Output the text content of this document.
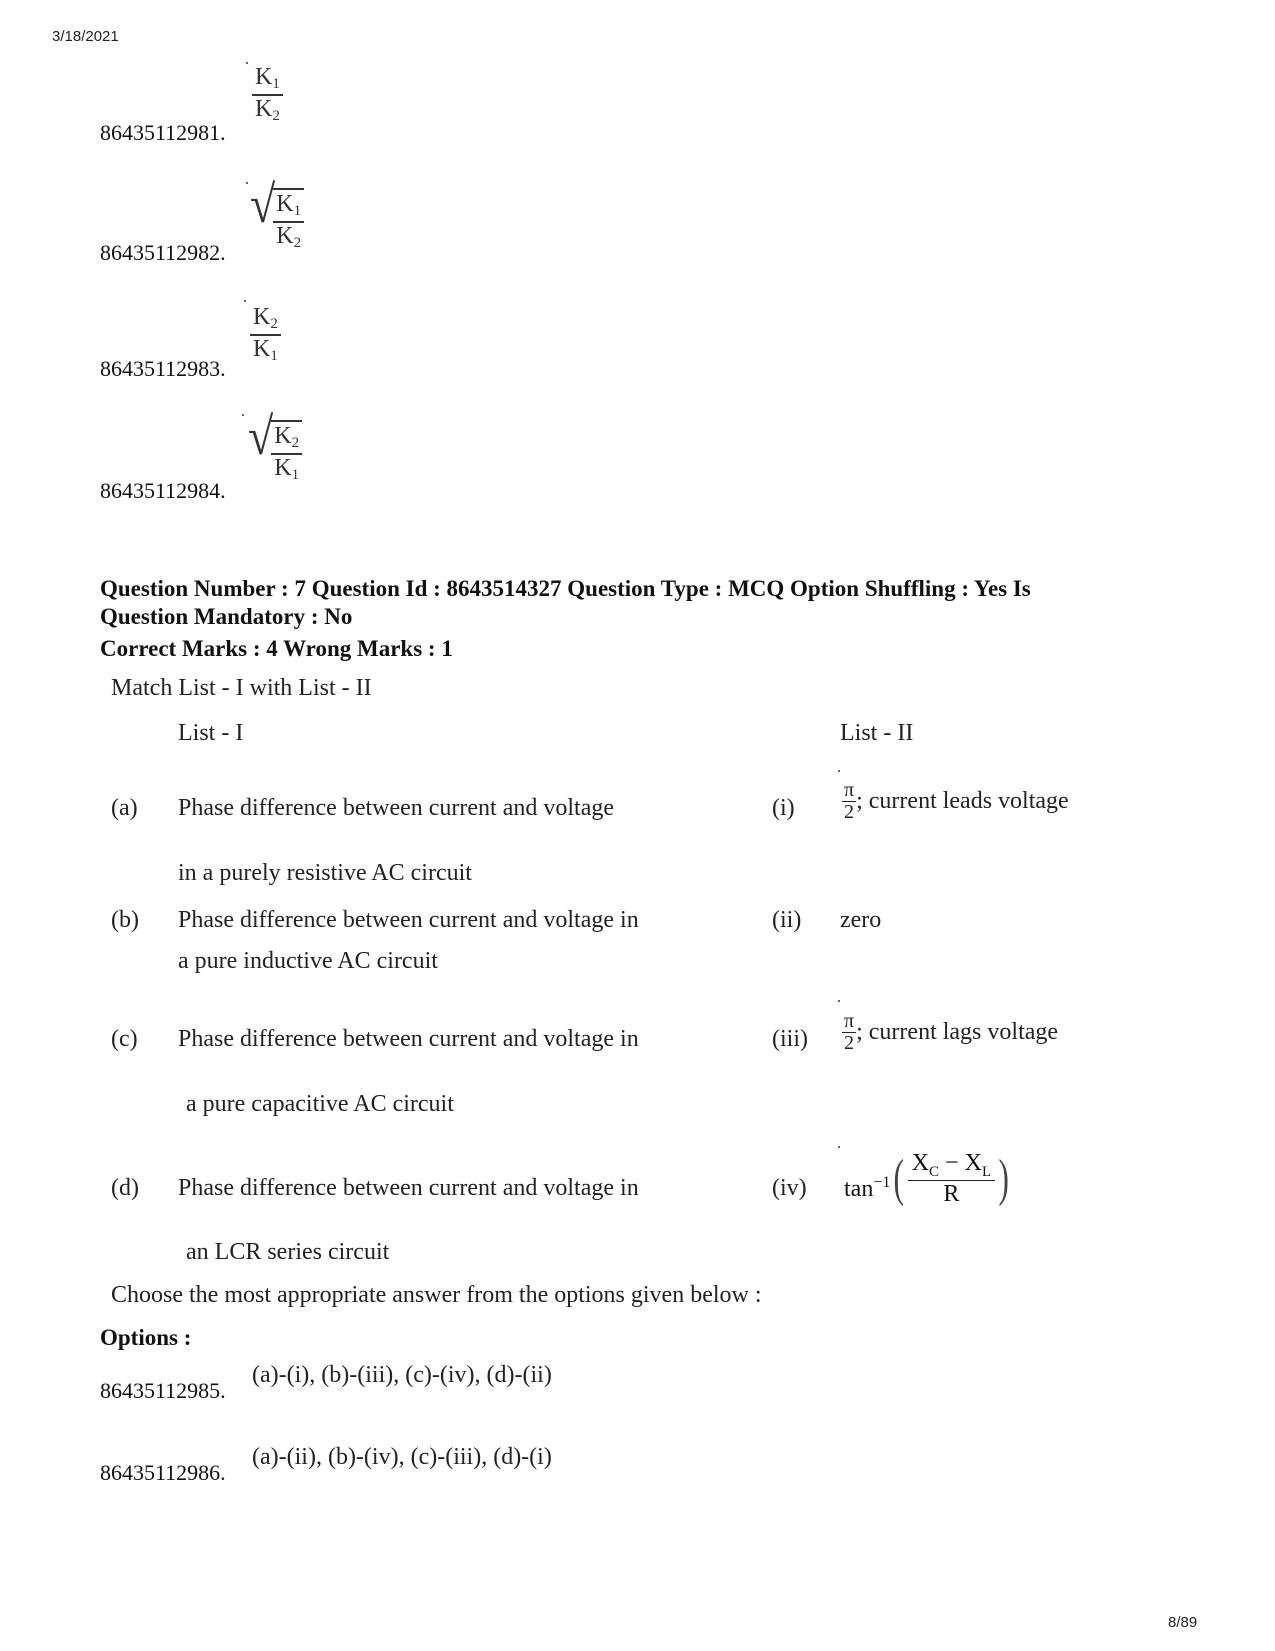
3/18/2021
8/89
86435112981.
$\frac{K_1}{K_2}$
86435112982.
√
$\frac{K_1}{K_2}$
86435112983.
$\frac{K_2}{K_1}$
86435112984.
√
$\frac{K_2}{K_1}$
Question Number : 7 Question Id : 8643514327 Question Type : MCQ Option Shuffling : Yes Is
Question Mandatory : No
Correct Marks : 4 Wrong Marks : 1
Match List - I with List - II
List - I	List - II
(a) Phase difference between current and voltage
in a purely resistive AC circuit
$(i) \frac{\pi}{2}$ ; current leads voltage
(b) Phase difference between current and voltage in
a pure inductive AC circuit
(ii) zero
(c) Phase difference between current and voltage in
a pure capacitive AC circuit
$(iii) \frac{\pi}{2}$ ; current lags voltage
(d) Phase difference between current and voltage in
an LCR series circuit
(iv) $\tan^{-1}$ ( $\frac{X_C - X_L}{R}$ )
Choose the most appropriate answer from the options given below :
Options :
86435112985.
(a)-(i), (b)-(iii), (c)-(iv), (d)-(ii)
86435112986.
(a)-(ii), (b)-(iv), (c)-(iii), (d)-(i)
